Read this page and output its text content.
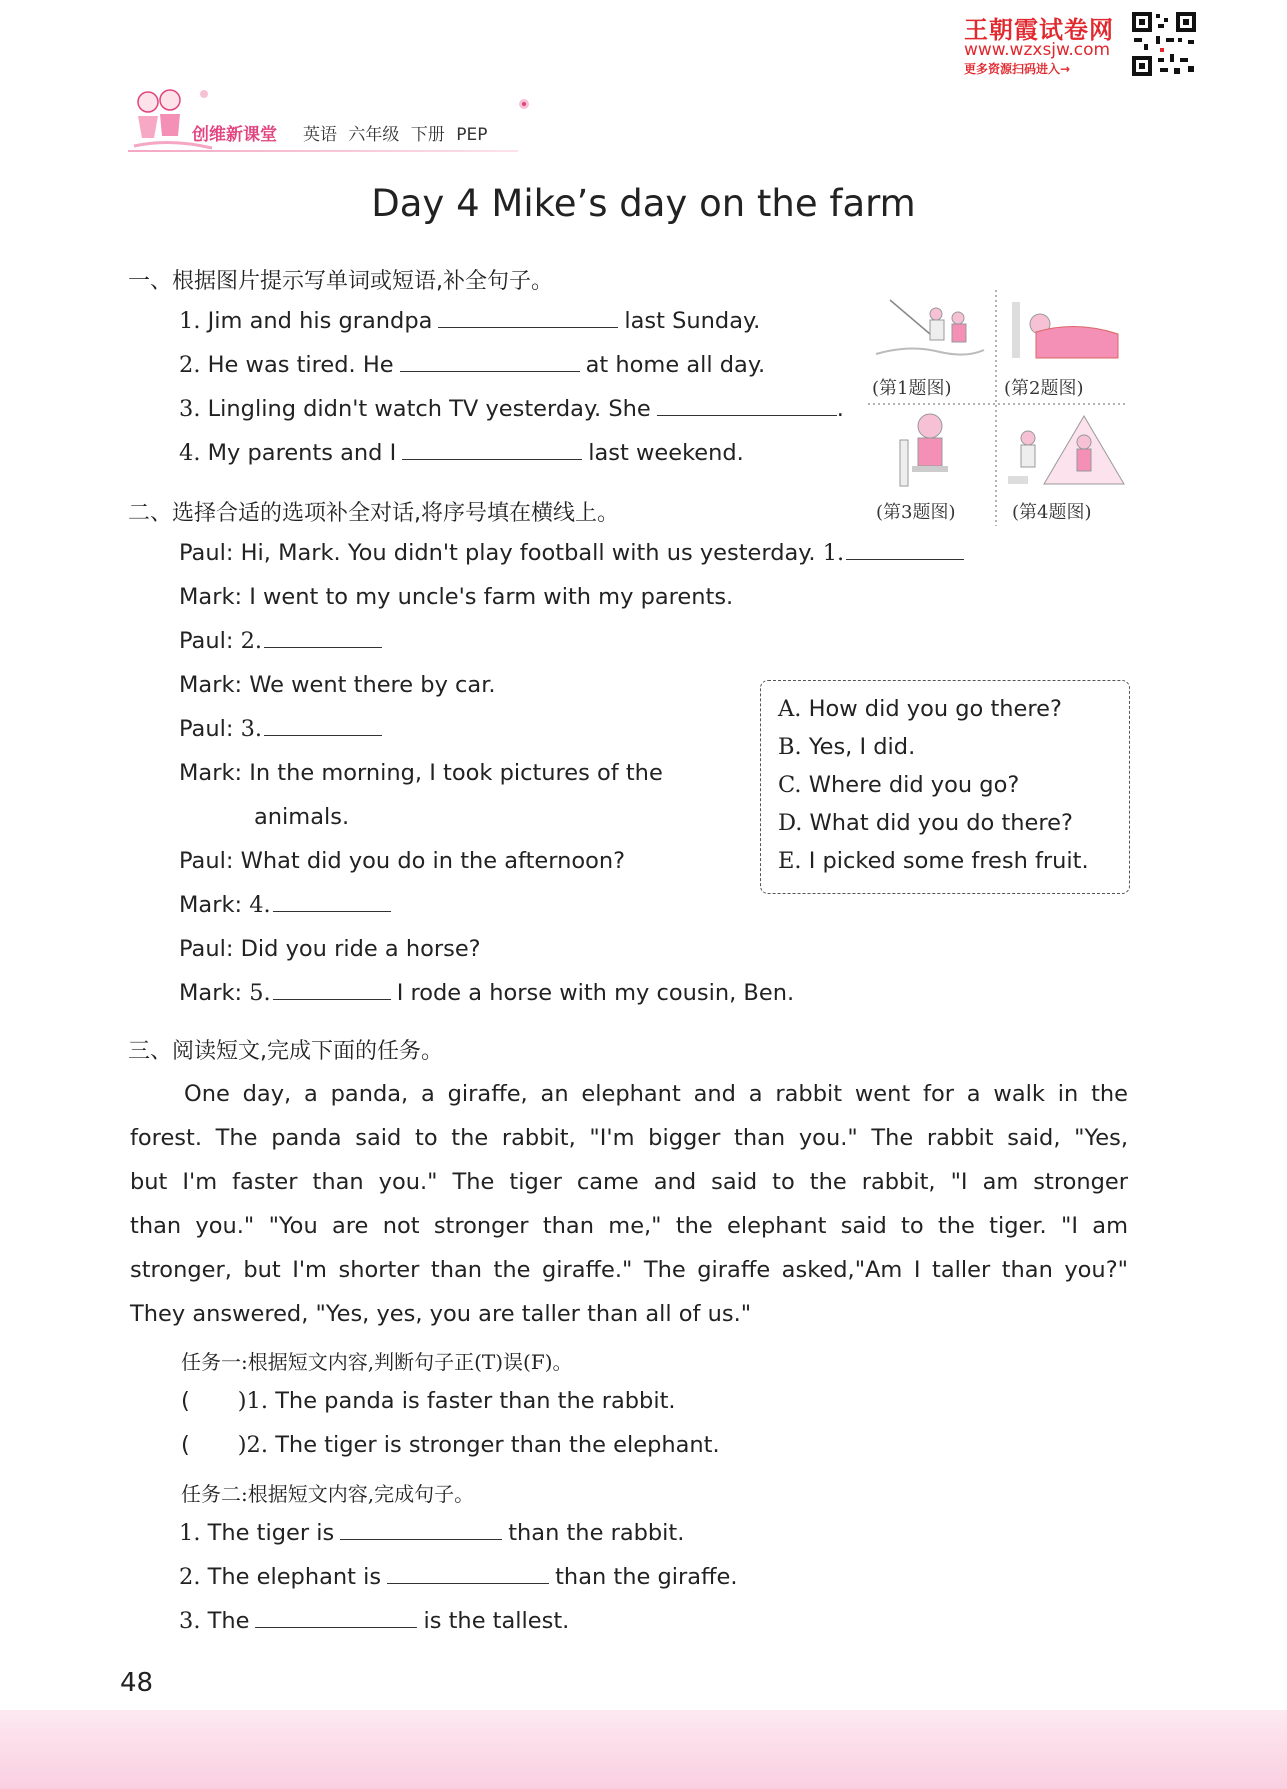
王朝霞试卷网
www.wzxsjw.com
更多资源扫码进入→
创维新课堂 英语 六年级 下册 PEP
Day 4 Mike’s day on the farm
一、根据图片提示写单词或短语,补全句子。
1. Jim and his grandpa	last Sunday.
2. He was tired. He	at home all day.
3. Lingling didn't watch TV yesterday. She	.
4. My parents and I	last weekend.
(第1题图)	(第2题图)
(第3题图)	(第4题图)
二、选择合适的选项补全对话,将序号填在横线上。
Paul: Hi, Mark. You didn't play football with us yesterday. 1.
Mark: I went to my uncle's farm with my parents.
Paul: 2.
Mark: We went there by car.
Paul: 3.
Mark: In the morning, I took pictures of the
animals.
Paul: What did you do in the afternoon?
Mark: 4.
Paul: Did you ride a horse?
Mark: 5.	I rode a horse with my cousin, Ben.
A. How did you go there?
B. Yes, I did.
C. Where did you go?
D. What did you do there?
E. I picked some fresh fruit.
三、阅读短文,完成下面的任务。

One day, a panda, a giraffe, an elephant and a rabbit went for a walk in the

forest. The panda said to the rabbit, "I'm bigger than you." The rabbit said, "Yes,

but I'm faster than you." The tiger came and said to the rabbit, "I am stronger

than you." "You are not stronger than me," the elephant said to the tiger. "I am

stronger, but I'm shorter than the giraffe." The giraffe asked,"Am I taller than you?"

They answered, "Yes, yes, you are taller than all of us."

任务一:根据短文内容,判断句子正(T)误(F)。
( )1. The panda is faster than the rabbit.
( )2. The tiger is stronger than the elephant.
任务二:根据短文内容,完成句子。
1. The tiger is	than the rabbit.
2. The elephant is	than the giraffe.
3. The	is the tallest.
48
